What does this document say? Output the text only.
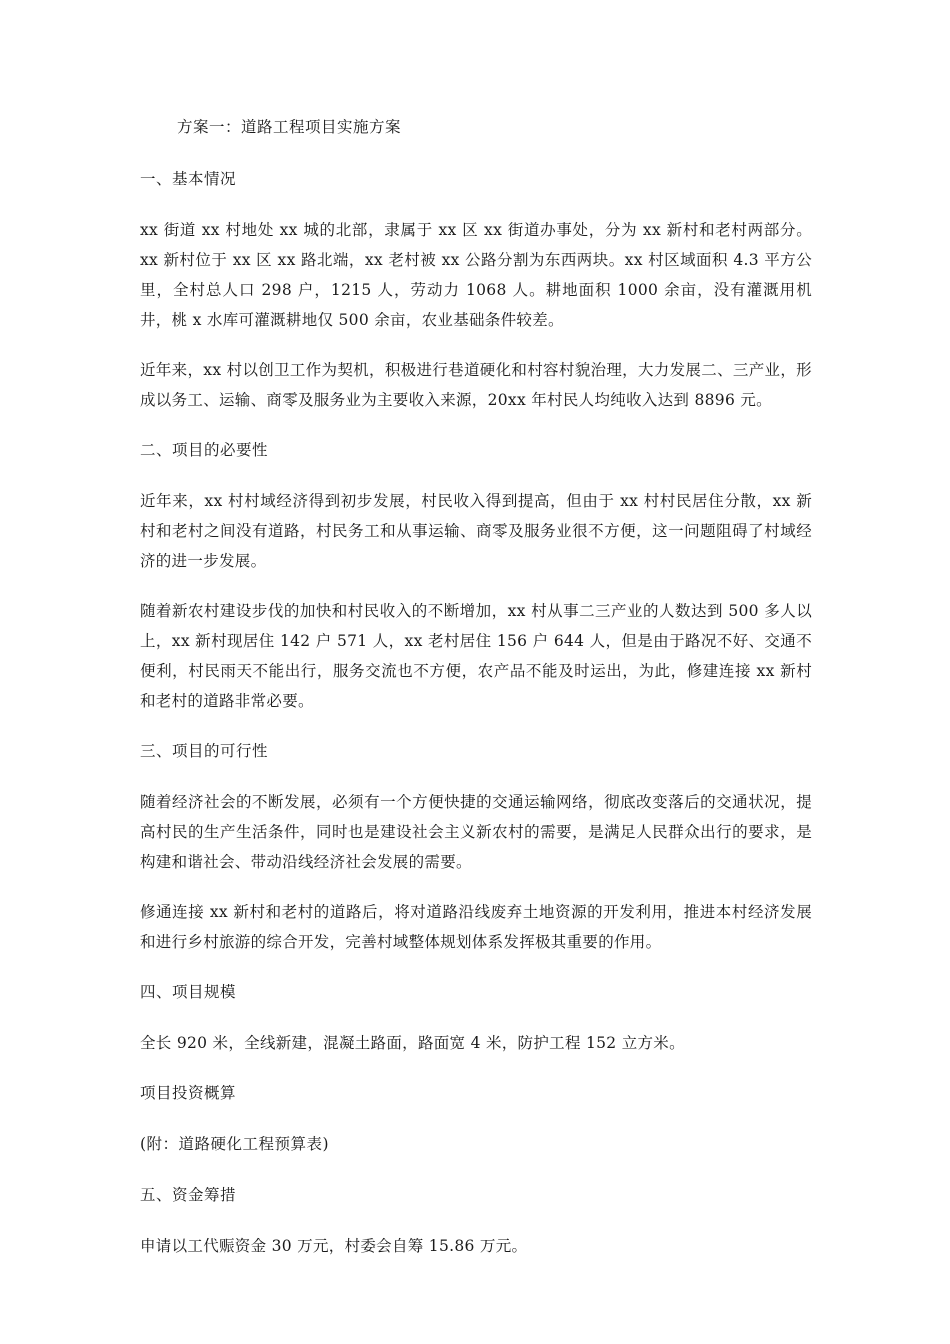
方案一：道路工程项目实施方案
一、基本情况
xx 街道 xx 村地处 xx 城的北部，隶属于 xx 区 xx 街道办事处，分为 xx 新村和老村两部分。xx 新村位于 xx 区 xx 路北端，xx 老村被 xx 公路分割为东西两块。xx 村区域面积 4.3 平方公里，全村总人口 298 户，1215 人，劳动力 1068 人。耕地面积 1000 余亩，没有灌溉用机井，桃 x 水库可灌溉耕地仅 500 余亩，农业基础条件较差。
近年来，xx 村以创卫工作为契机，积极进行巷道硬化和村容村貌治理，大力发展二、三产业，形成以务工、运输、商零及服务业为主要收入来源，20xx 年村民人均纯收入达到 8896 元。
二、项目的必要性
近年来，xx 村村域经济得到初步发展，村民收入得到提高，但由于 xx 村村民居住分散，xx 新村和老村之间没有道路，村民务工和从事运输、商零及服务业很不方便，这一问题阻碍了村域经济的进一步发展。
随着新农村建设步伐的加快和村民收入的不断增加，xx 村从事二三产业的人数达到 500 多人以上，xx 新村现居住 142 户 571 人，xx 老村居住 156 户 644 人，但是由于路况不好、交通不便利，村民雨天不能出行，服务交流也不方便，农产品不能及时运出，为此，修建连接 xx 新村和老村的道路非常必要。
三、项目的可行性
随着经济社会的不断发展，必须有一个方便快捷的交通运输网络，彻底改变落后的交通状况，提高村民的生产生活条件，同时也是建设社会主义新农村的需要，是满足人民群众出行的要求，是构建和谐社会、带动沿线经济社会发展的需要。
修通连接 xx 新村和老村的道路后，将对道路沿线废弃土地资源的开发利用，推进本村经济发展和进行乡村旅游的综合开发，完善村域整体规划体系发挥极其重要的作用。
四、项目规模
全长 920 米，全线新建，混凝土路面，路面宽 4 米，防护工程 152 立方米。
项目投资概算
(附：道路硬化工程预算表)
五、资金筹措
申请以工代赈资金 30 万元，村委会自筹 15.86 万元。
